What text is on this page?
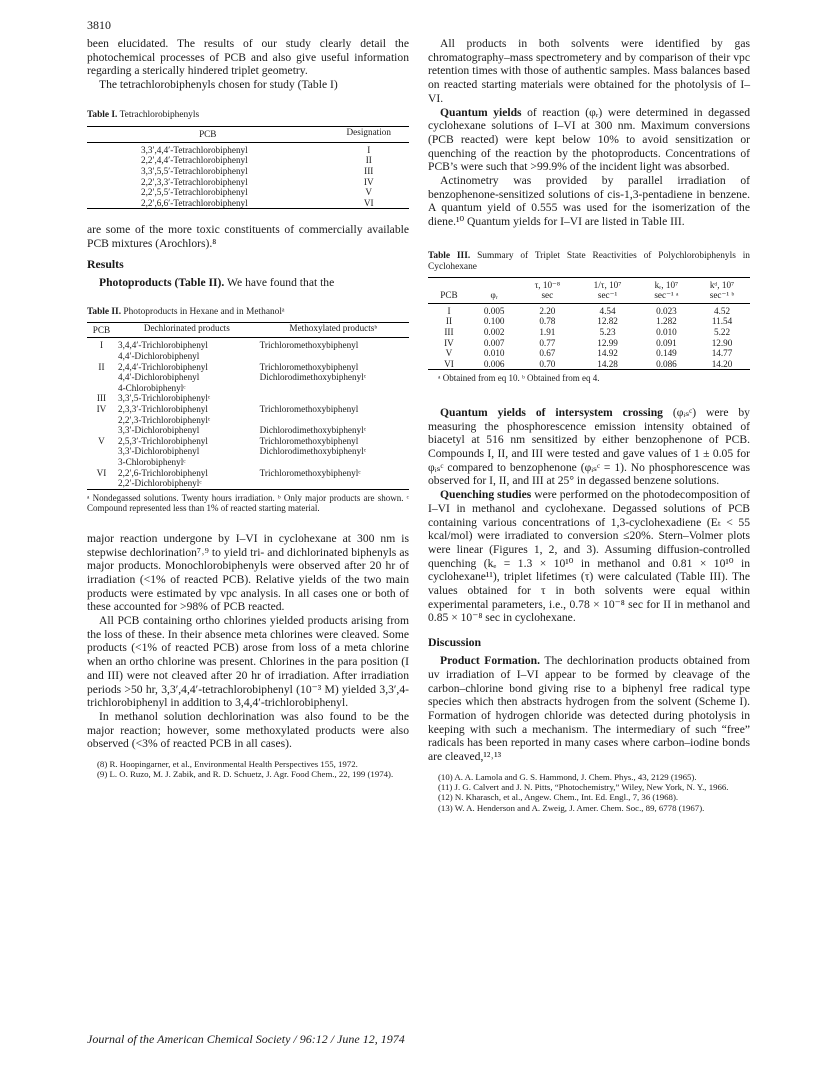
3810

been elucidated. The results of our study clearly detail the photochemical processes of PCB and also give useful information regarding a sterically hindered triplet geometry.

The tetrachlorobiphenyls chosen for study (Table I)

Table I. Tetrachlorobiphenyls

PCB	Designation
3,3′,4,4′-Tetrachlorobiphenyl	I
2,2′,4,4′-Tetrachlorobiphenyl	II
3,3′,5,5′-Tetrachlorobiphenyl	III
2,2′,3,3′-Tetrachlorobiphenyl	IV
2,2′,5,5′-Tetrachlorobiphenyl	V
2,2′,6,6′-Tetrachlorobiphenyl	VI

are some of the more toxic constituents of commercially available PCB mixtures (Arochlors).⁸

Results

Photoproducts (Table II). We have found that the

Table II. Photoproducts in Hexane and in Methanolᵃ

PCB	Dechlorinated products	Methoxylated productsᵇ
I	3,4,4′-Trichlorobiphenyl	Trichloromethoxybiphenyl
	4,4′-Dichlorobiphenyl	
II	2,4,4′-Trichlorobiphenyl	Trichloromethoxybiphenyl
	4,4′-Dichlorobiphenyl	Dichlorodimethoxybiphenylᶜ
	4-Chlorobiphenylᶜ	
III	3,3′,5-Trichlorobiphenylᶜ	
IV	2,3,3′-Trichlorobiphenyl	Trichloromethoxybiphenyl
	2,2′,3-Trichlorobiphenylᶜ	
	3,3′-Dichlorobiphenyl	Dichlorodimethoxybiphenylᶜ
V	2,5,3′-Trichlorobiphenyl	Trichloromethoxybiphenyl
	3,3′-Dichlorobiphenyl	Dichlorodimethoxybiphenylᶜ
	3-Chlorobiphenylᶜ	
VI	2,2′,6-Trichlorobiphenyl	Trichloromethoxybiphenylᶜ
	2,2′-Dichlorobiphenylᶜ	

ᵃ Nondegassed solutions. Twenty hours irradiation. ᵇ Only major products are shown. ᶜ Compound represented less than 1% of reacted starting material.

major reaction undergone by I–VI in cyclohexane at 300 nm is stepwise dechlorination⁷˒⁹ to yield tri- and dichlorinated biphenyls as major products. Monochlorobiphenyls were observed after 20 hr of irradiation (<1% of reacted PCB). Relative yields of the two main products were estimated by vpc analysis. In all cases one or both of these accounted for >98% of PCB reacted.

All PCB containing ortho chlorines yielded products arising from the loss of these. In their absence meta chlorines were cleaved. Some products (<1% of reacted PCB) arose from loss of a meta chlorine when an ortho chlorine was present. Chlorines in the para position (I and III) were not cleaved after 20 hr of irradiation. After irradiation periods >50 hr, 3,3′,4,4′-tetrachlorobiphenyl (10⁻³ M) yielded 3,3′,4-trichlorobiphenyl in addition to 3,4,4′-trichlorobiphenyl.

In methanol solution dechlorination was also found to be the major reaction; however, some methoxylated products were also observed (<3% of reacted PCB in all cases).

(8) R. Hoopingarner, et al., Environmental Health Perspectives 155, 1972.

(9) L. O. Ruzo, M. J. Zabik, and R. D. Schuetz, J. Agr. Food Chem., 22, 199 (1974).

All products in both solvents were identified by gas chromatography–mass spectrometery and by comparison of their vpc retention times with those of authentic samples. Mass balances based on reacted starting materials were obtained for the photolysis of I–VI.

Quantum yields of reaction (φᵣ) were determined in degassed cyclohexane solutions of I–VI at 300 nm. Maximum conversions (PCB reacted) were kept below 10% to avoid sensitization or quenching of the reaction by the photoproducts. Concentrations of PCB’s were such that >99.9% of the incident light was absorbed.

Actinometry was provided by parallel irradiation of benzophenone-sensitized solutions of cis-1,3-pentadiene in benzene. A quantum yield of 0.555 was used for the isomerization of the diene.¹⁰ Quantum yields for I–VI are listed in Table III.

Table III. Summary of Triplet State Reactivities of Polychlorobiphenyls in Cyclohexane

		τ, 10⁻⁸	1/τ, 10⁷	kᵣ, 10⁷	kᵈ, 10⁷
PCB	φᵣ	sec	sec⁻¹	sec⁻¹ ᵃ	sec⁻¹ ᵇ
I	0.005	2.20	4.54	0.023	4.52
II	0.100	0.78	12.82	1.282	11.54
III	0.002	1.91	5.23	0.010	5.22
IV	0.007	0.77	12.99	0.091	12.90
V	0.010	0.67	14.92	0.149	14.77
VI	0.006	0.70	14.28	0.086	14.20

ᵃ Obtained from eq 10. ᵇ Obtained from eq 4.

Quantum yields of intersystem crossing (φᵢₛᶜ) were by measuring the phosphorescence emission intensity obtained of biacetyl at 516 nm sensitized by either benzophenone of PCB. Compounds I, II, and III were tested and gave values of 1 ± 0.05 for φᵢₛᶜ compared to benzophenone (φᵢₛᶜ = 1). No phosphorescence was observed for I, II, and III at 25° in degassed benzene solutions.

Quenching studies were performed on the photodecomposition of I–VI in methanol and cyclohexane. Degassed solutions of PCB containing various concentrations of 1,3-cyclohexadiene (Eₜ < 55 kcal/mol) were irradiated to conversion ≤20%. Stern–Volmer plots were linear (Figures 1, 2, and 3). Assuming diffusion-controlled quenching (kₑ = 1.3 × 10¹⁰ in methanol and 0.81 × 10¹⁰ in cyclohexane¹¹), triplet lifetimes (τ) were calculated (Table III). The values obtained for τ in both solvents were equal within experimental parameters, i.e., 0.78 × 10⁻⁸ sec for II in methanol and 0.85 × 10⁻⁸ sec in cyclohexane.

Discussion

Product Formation. The dechlorination products obtained from uv irradiation of I–VI appear to be formed by cleavage of the carbon–chlorine bond giving rise to a biphenyl free radical type species which then abstracts hydrogen from the solvent (Scheme I). Formation of hydrogen chloride was detected during photolysis in keeping with such a mechanism. The intermediary of such “free” radicals has been reported in many cases where carbon–iodine bonds are cleaved,¹²˒¹³

(10) A. A. Lamola and G. S. Hammond, J. Chem. Phys., 43, 2129 (1965).

(11) J. G. Calvert and J. N. Pitts, “Photochemistry,” Wiley, New York, N. Y., 1966.

(12) N. Kharasch, et al., Angew. Chem., Int. Ed. Engl., 7, 36 (1968).

(13) W. A. Henderson and A. Zweig, J. Amer. Chem. Soc., 89, 6778 (1967).

Journal of the American Chemical Society / 96:12 / June 12, 1974
